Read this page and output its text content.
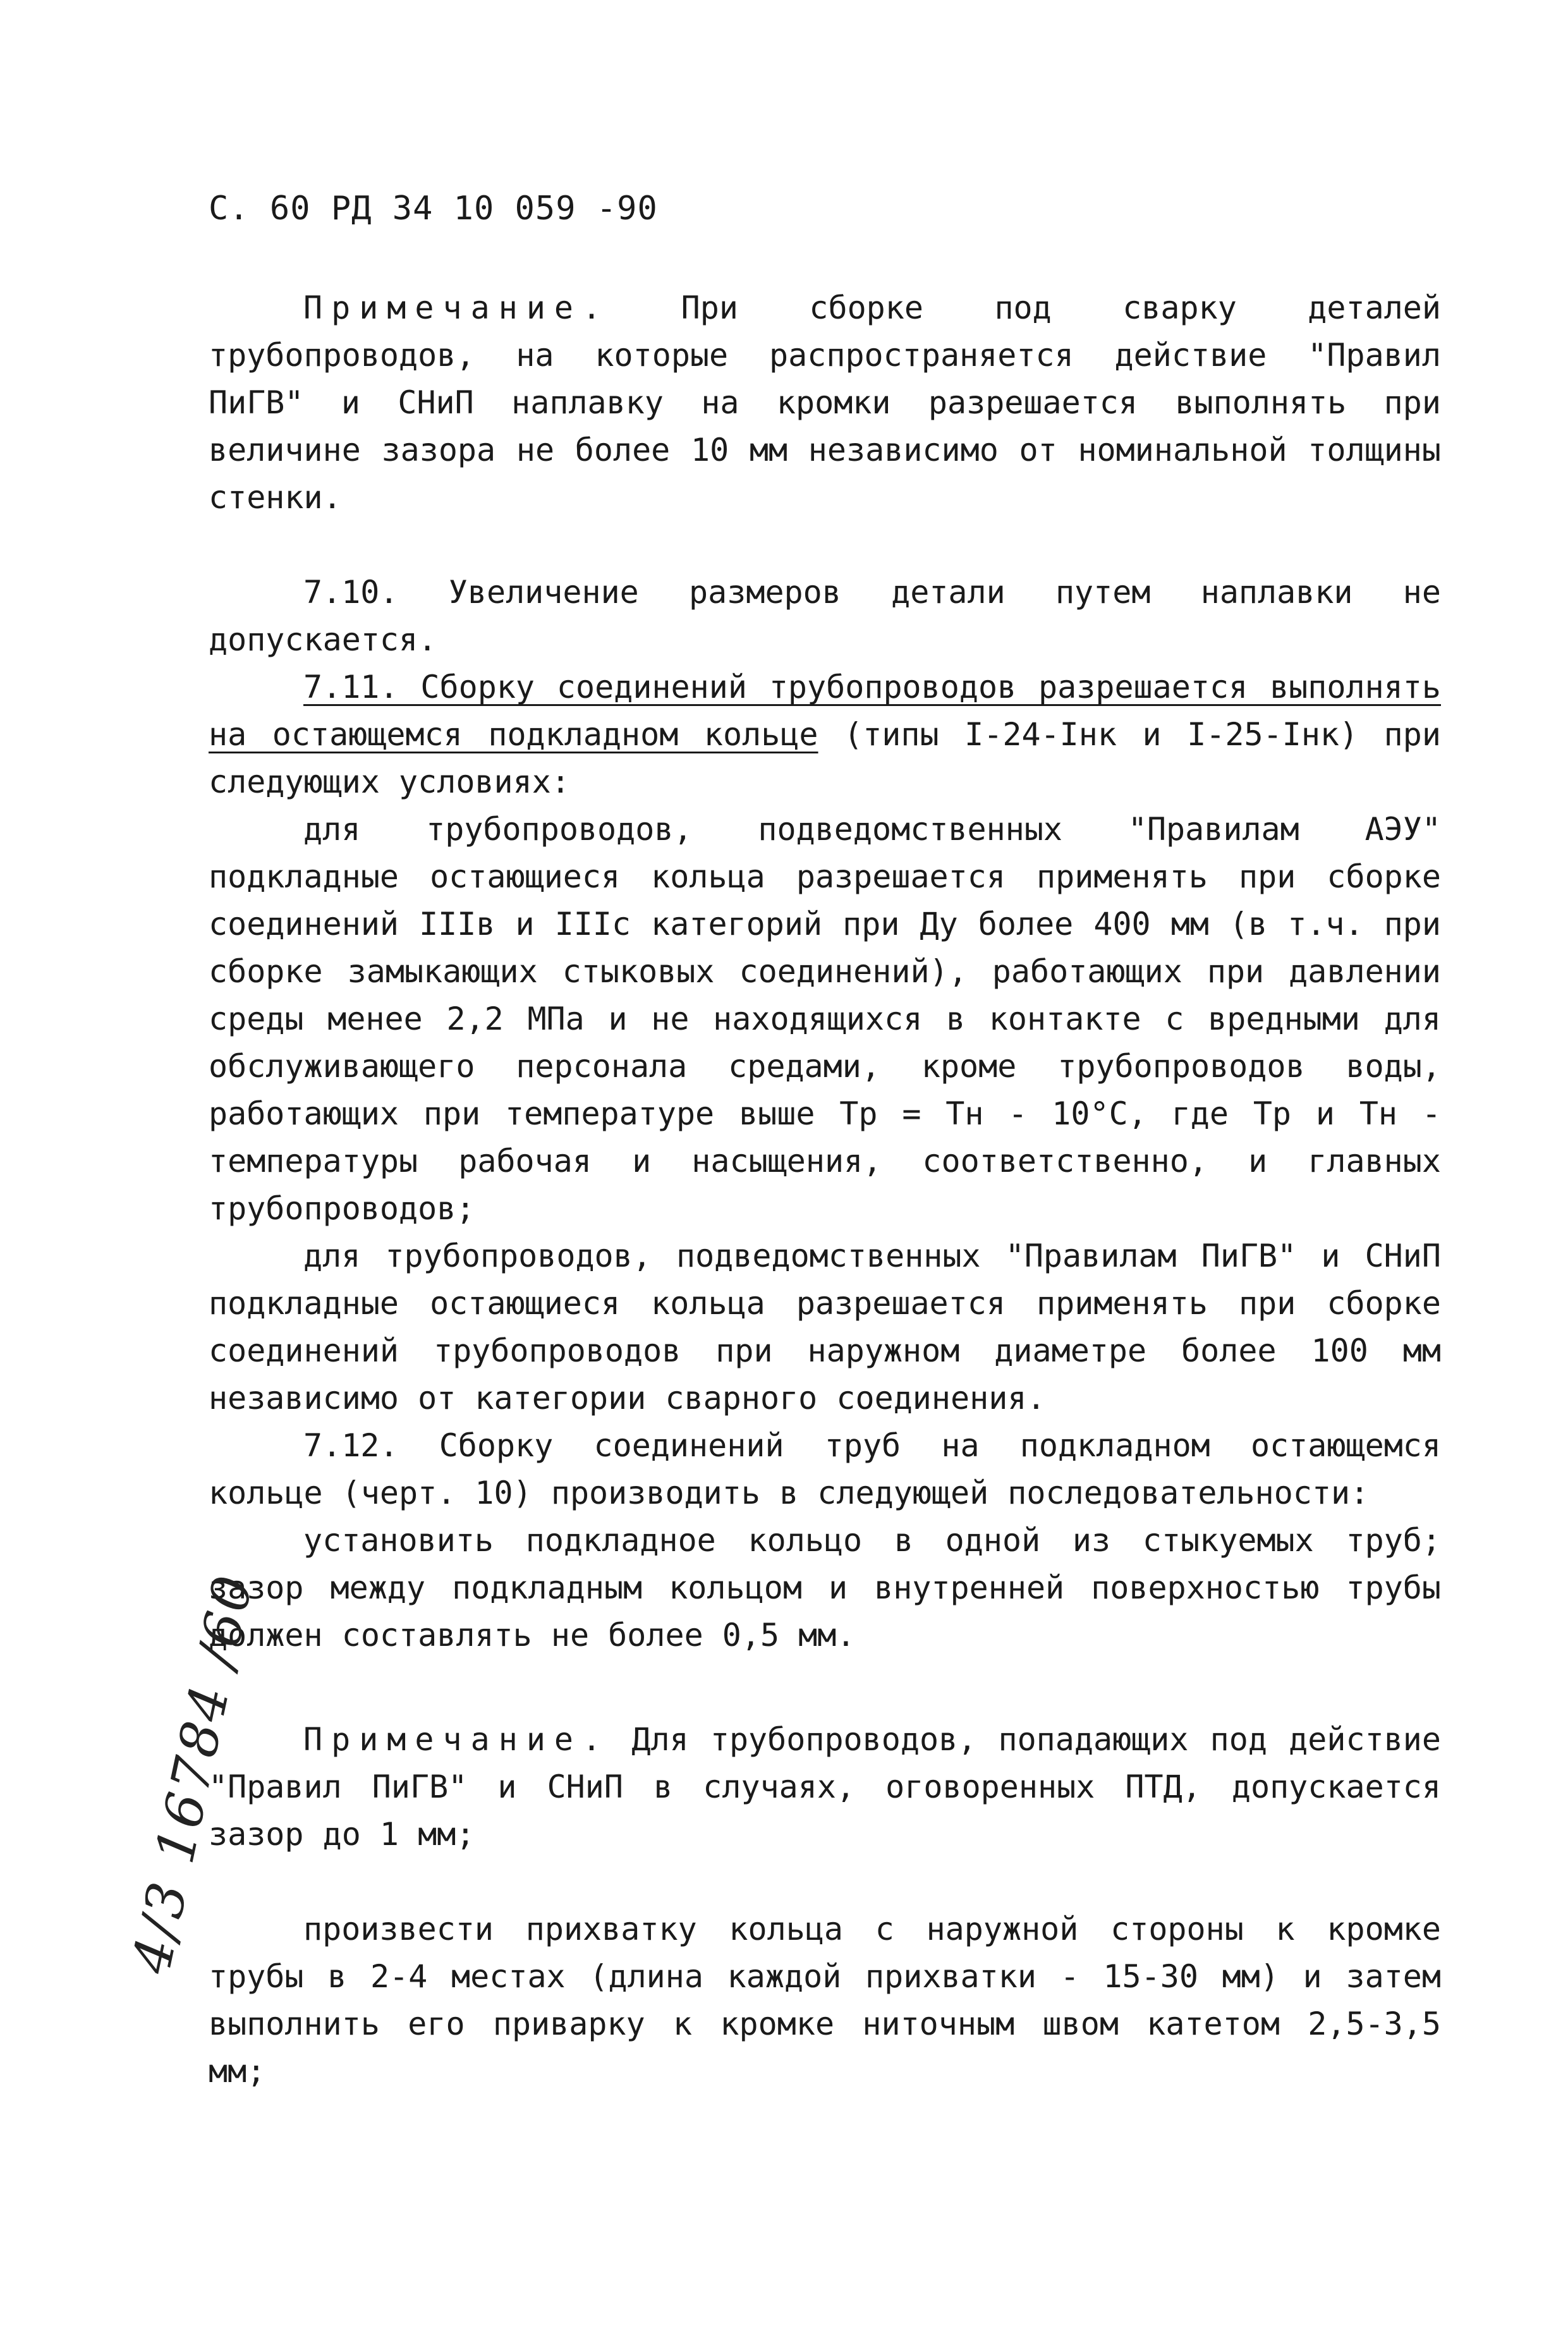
С. 60 РД 34 10 059 -90

Примечание. При сборке под сварку деталей трубопроводов, на которые распространяется действие "Правил ПиГВ" и СНиП наплавку на кромки разрешается выполнять при величине зазора не более 10 мм независимо от номинальной толщины стенки.

7.10. Увеличение размеров детали путем наплавки не допускается.

7.11. Сборку соединений трубопроводов разрешается выполнять на остающемся подкладном кольце (типы I-24-Iнк и I-25-Iнк) при следующих условиях:

для трубопроводов, подведомственных "Правилам АЭУ" подкладные остающиеся кольца разрешается применять при сборке соединений IIIв и IIIс категорий при Ду более 400 мм (в т.ч. при сборке замыкающих стыковых соединений), работающих при давлении среды менее 2,2 МПа и не находящихся в контакте с вредными для обслуживающего персонала средами, кроме трубопроводов воды, работающих при температуре выше Тр = Тн - 10°С, где Тр и Тн - температуры рабочая и насыщения, соответственно, и главных трубопроводов;

для трубопроводов, подведомственных "Правилам ПиГВ" и СНиП подкладные остающиеся кольца разрешается применять при сборке соединений трубопроводов при наружном диаметре более 100 мм независимо от категории сварного соединения.

7.12. Сборку соединений труб на подкладном остающемся кольце (черт. 10) производить в следующей последовательности:

установить подкладное кольцо в одной из стыкуемых труб; зазор между подкладным кольцом и внутренней поверхностью трубы должен составлять не более 0,5 мм.

Примечание. Для трубопроводов, попадающих под действие "Правил ПиГВ" и СНиП в случаях, оговоренных ПТД, допускается зазор до 1 мм;

произвести прихватку кольца с наружной стороны к кромке трубы в 2-4 местах (длина каждой прихватки - 15-30 мм) и затем выполнить его приварку к кромке ниточным швом катетом 2,5-3,5 мм;

4/3 16784 /60
